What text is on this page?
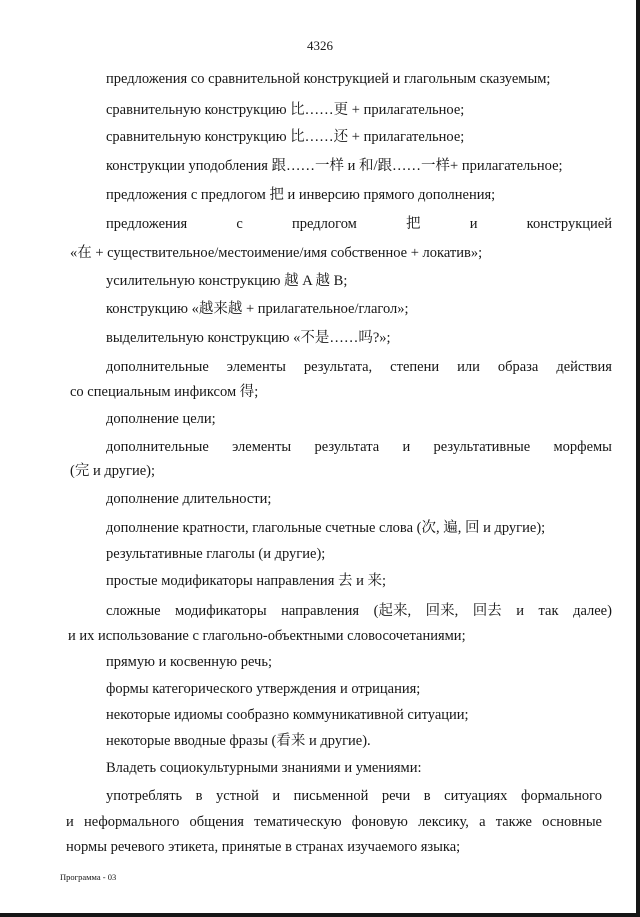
4326
предложения со сравнительной конструкцией и глагольным сказуемым;
сравнительную конструкцию 比……更 + прилагательное;
сравнительную конструкцию 比……还 + прилагательное;
конструкции уподобления 跟……一样 и 和/跟……一样+ прилагательное;
предложения с предлогом 把 и инверсию прямого дополнения;
предложения	с	предлогом	把	и	конструкцией
«在 + существительное/местоимение/имя собственное + локатив»;
усилительную конструкцию 越 A 越 B;
конструкцию «越来越 + прилагательное/глагол»;
выделительную конструкцию «不是……吗?»;
дополнительные элементы результата, степени или образа действия
со специальным инфиксом 得;
дополнение цели;
дополнительные элементы результата и результативные морфемы
(完 и другие);
дополнение длительности;
дополнение кратности, глагольные счетные слова (次, 遍, 回 и другие);
результативные глаголы (и другие);
простые модификаторы направления 去 и 来;
сложные модификаторы направления (起来, 回来, 回去 и так далее)
и их использование с глагольно-объектными словосочетаниями;
прямую и косвенную речь;
формы категорического утверждения и отрицания;
некоторые идиомы сообразно коммуникативной ситуации;
некоторые вводные фразы (看来 и другие).
Владеть социокультурными знаниями и умениями:
употреблять в устной и письменной речи в ситуациях формального
и неформального общения тематическую фоновую лексику, а также основные
нормы речевого этикета, принятые в странах изучаемого языка;
Программа - 03
